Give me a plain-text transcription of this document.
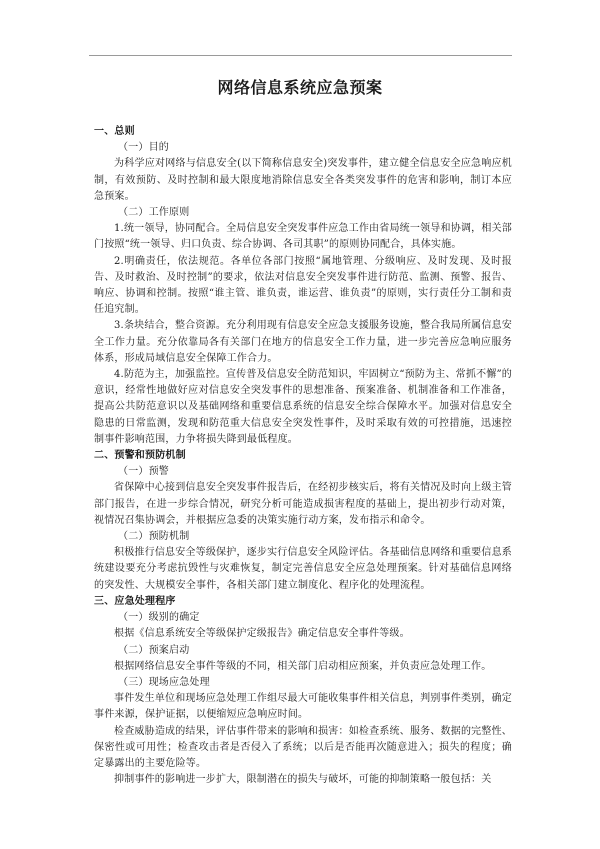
网络信息系统应急预案

一、总则

（一）目的

为科学应对网络与信息安全(以下简称信息安全)突发事件，建立健全信息安全应急响应机制，有效预防、及时控制和最大限度地消除信息安全各类突发事件的危害和影响，制订本应急预案。

（二）工作原则

1.统一领导，协同配合。全局信息安全突发事件应急工作由省局统一领导和协调，相关部门按照“统一领导、归口负责、综合协调、各司其职”的原则协同配合，具体实施。

2.明确责任，依法规范。各单位各部门按照“属地管理、分级响应、及时发现、及时报告、及时救治、及时控制”的要求，依法对信息安全突发事件进行防范、监测、预警、报告、响应、协调和控制。按照“谁主管、谁负责，谁运营、谁负责”的原则，实行责任分工制和责任追究制。

3.条块结合，整合资源。充分利用现有信息安全应急支援服务设施，整合我局所属信息安全工作力量。充分依靠局各有关部门在地方的信息安全工作力量，进一步完善应急响应服务体系，形成局域信息安全保障工作合力。

4.防范为主，加强监控。宣传普及信息安全防范知识，牢固树立“预防为主、常抓不懈”的意识，经常性地做好应对信息安全突发事件的思想准备、预案准备、机制准备和工作准备，提高公共防范意识以及基础网络和重要信息系统的信息安全综合保障水平。加强对信息安全隐患的日常监测，发现和防范重大信息安全突发性事件，及时采取有效的可控措施，迅速控制事件影响范围，力争将损失降到最低程度。

二、预警和预防机制

（一）预警

省保障中心接到信息安全突发事件报告后，在经初步核实后，将有关情况及时向上级主管部门报告，在进一步综合情况，研究分析可能造成损害程度的基础上，提出初步行动对策，视情况召集协调会，并根据应急委的决策实施行动方案，发布指示和命令。

（二）预防机制

积极推行信息安全等级保护，逐步实行信息安全风险评估。各基础信息网络和重要信息系统建设要充分考虑抗毁性与灾难恢复，制定完善信息安全应急处理预案。针对基础信息网络的突发性、大规模安全事件，各相关部门建立制度化、程序化的处理流程。

三、应急处理程序

（一）级别的确定

根据《信息系统安全等级保护定级报告》确定信息安全事件等级。

（二）预案启动

根据网络信息安全事件等级的不同，相关部门启动相应预案，并负责应急处理工作。

（三）现场应急处理

事件发生单位和现场应急处理工作组尽最大可能收集事件相关信息，判别事件类别，确定事件来源，保护证据，以便缩短应急响应时间。

检查威胁造成的结果，评估事件带来的影响和损害：如检查系统、服务、数据的完整性、保密性或可用性；检查攻击者是否侵入了系统；以后是否能再次随意进入；损失的程度；确定暴露出的主要危险等。

抑制事件的影响进一步扩大，限制潜在的损失与破坏，可能的抑制策略一般包括：关
